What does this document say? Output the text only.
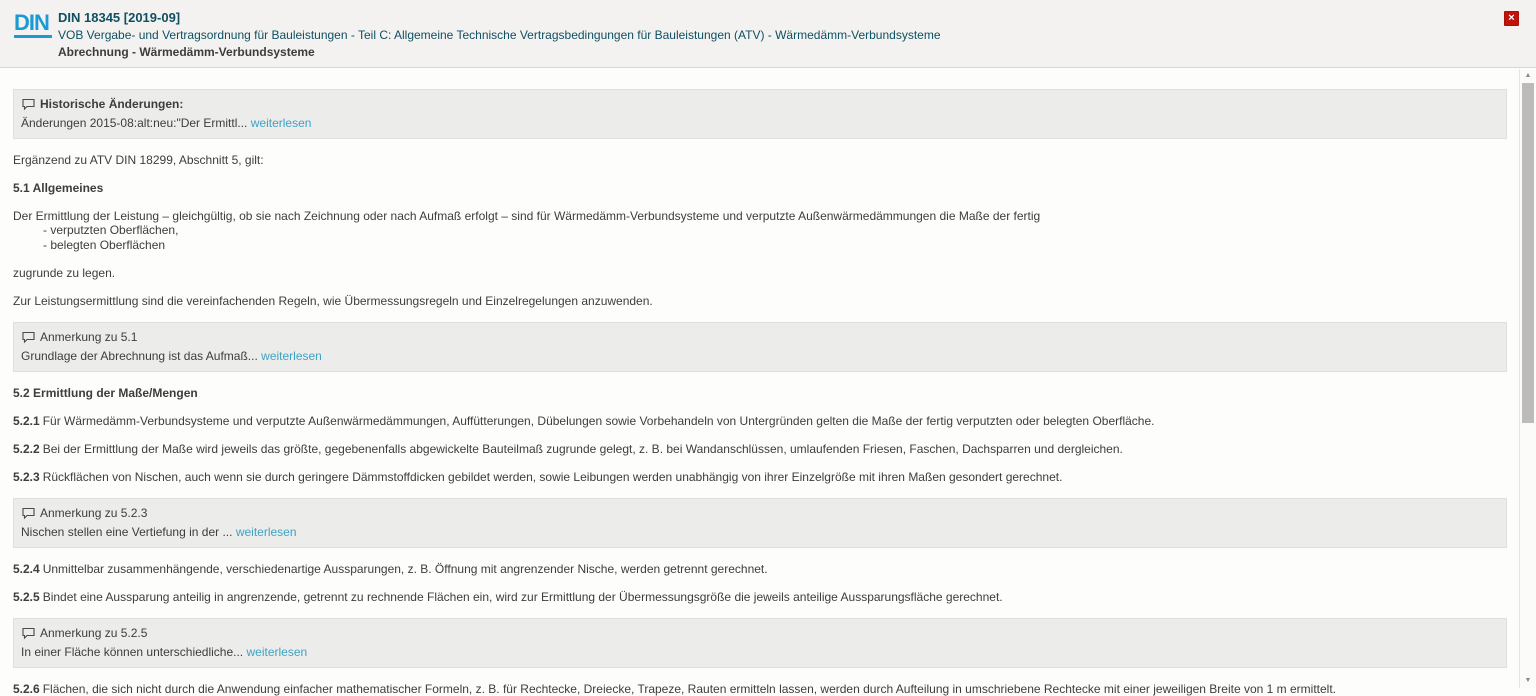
DIN DIN 18345 [2019-09]
VOB Vergabe- und Vertragsordnung für Bauleistungen - Teil C: Allgemeine Technische Vertragsbedingungen für Bauleistungen (ATV) - Wärmedämm-Verbundsysteme
Abrechnung - Wärmedämm-Verbundsysteme
×
Historische Änderungen:
Änderungen 2015-08:alt:neu:"Der Ermittl... weiterlesen
Ergänzend zu ATV DIN 18299, Abschnitt 5, gilt:
5.1 Allgemeines
Der Ermittlung der Leistung – gleichgültig, ob sie nach Zeichnung oder nach Aufmaß erfolgt – sind für Wärmedämm-Verbundsysteme und verputzte Außenwärmedämmungen die Maße der fertig
- verputzten Oberflächen,
- belegten Oberflächen
zugrunde zu legen.
Zur Leistungsermittlung sind die vereinfachenden Regeln, wie Übermessungsregeln und Einzelregelungen anzuwenden.
Anmerkung zu 5.1
Grundlage der Abrechnung ist das Aufmaß... weiterlesen
5.2 Ermittlung der Maße/Mengen
5.2.1 Für Wärmedämm-Verbundsysteme und verputzte Außenwärmedämmungen, Auffütterungen, Dübelungen sowie Vorbehandeln von Untergründen gelten die Maße der fertig verputzten oder belegten Oberfläche.
5.2.2 Bei der Ermittlung der Maße wird jeweils das größte, gegebenenfalls abgewickelte Bauteilmaß zugrunde gelegt, z. B. bei Wandanschlüssen, umlaufenden Friesen, Faschen, Dachsparren und dergleichen.
5.2.3 Rückflächen von Nischen, auch wenn sie durch geringere Dämmstoffdicken gebildet werden, sowie Leibungen werden unabhängig von ihrer Einzelgröße mit ihren Maßen gesondert gerechnet.
Anmerkung zu 5.2.3
Nischen stellen eine Vertiefung in der ... weiterlesen
5.2.4 Unmittelbar zusammenhängende, verschiedenartige Aussparungen, z. B. Öffnung mit angrenzender Nische, werden getrennt gerechnet.
5.2.5 Bindet eine Aussparung anteilig in angrenzende, getrennt zu rechnende Flächen ein, wird zur Ermittlung der Übermessungsgröße die jeweils anteilige Aussparungsfläche gerechnet.
Anmerkung zu 5.2.5
In einer Fläche können unterschiedliche... weiterlesen
5.2.6 Flächen, die sich nicht durch die Anwendung einfacher mathematischer Formeln, z. B. für Rechtecke, Dreiecke, Trapeze, Rauten ermitteln lassen, werden durch Aufteilung in umschriebene Rechtecke mit einer jeweiligen Breite von 1 m ermittelt.
▲
▼
